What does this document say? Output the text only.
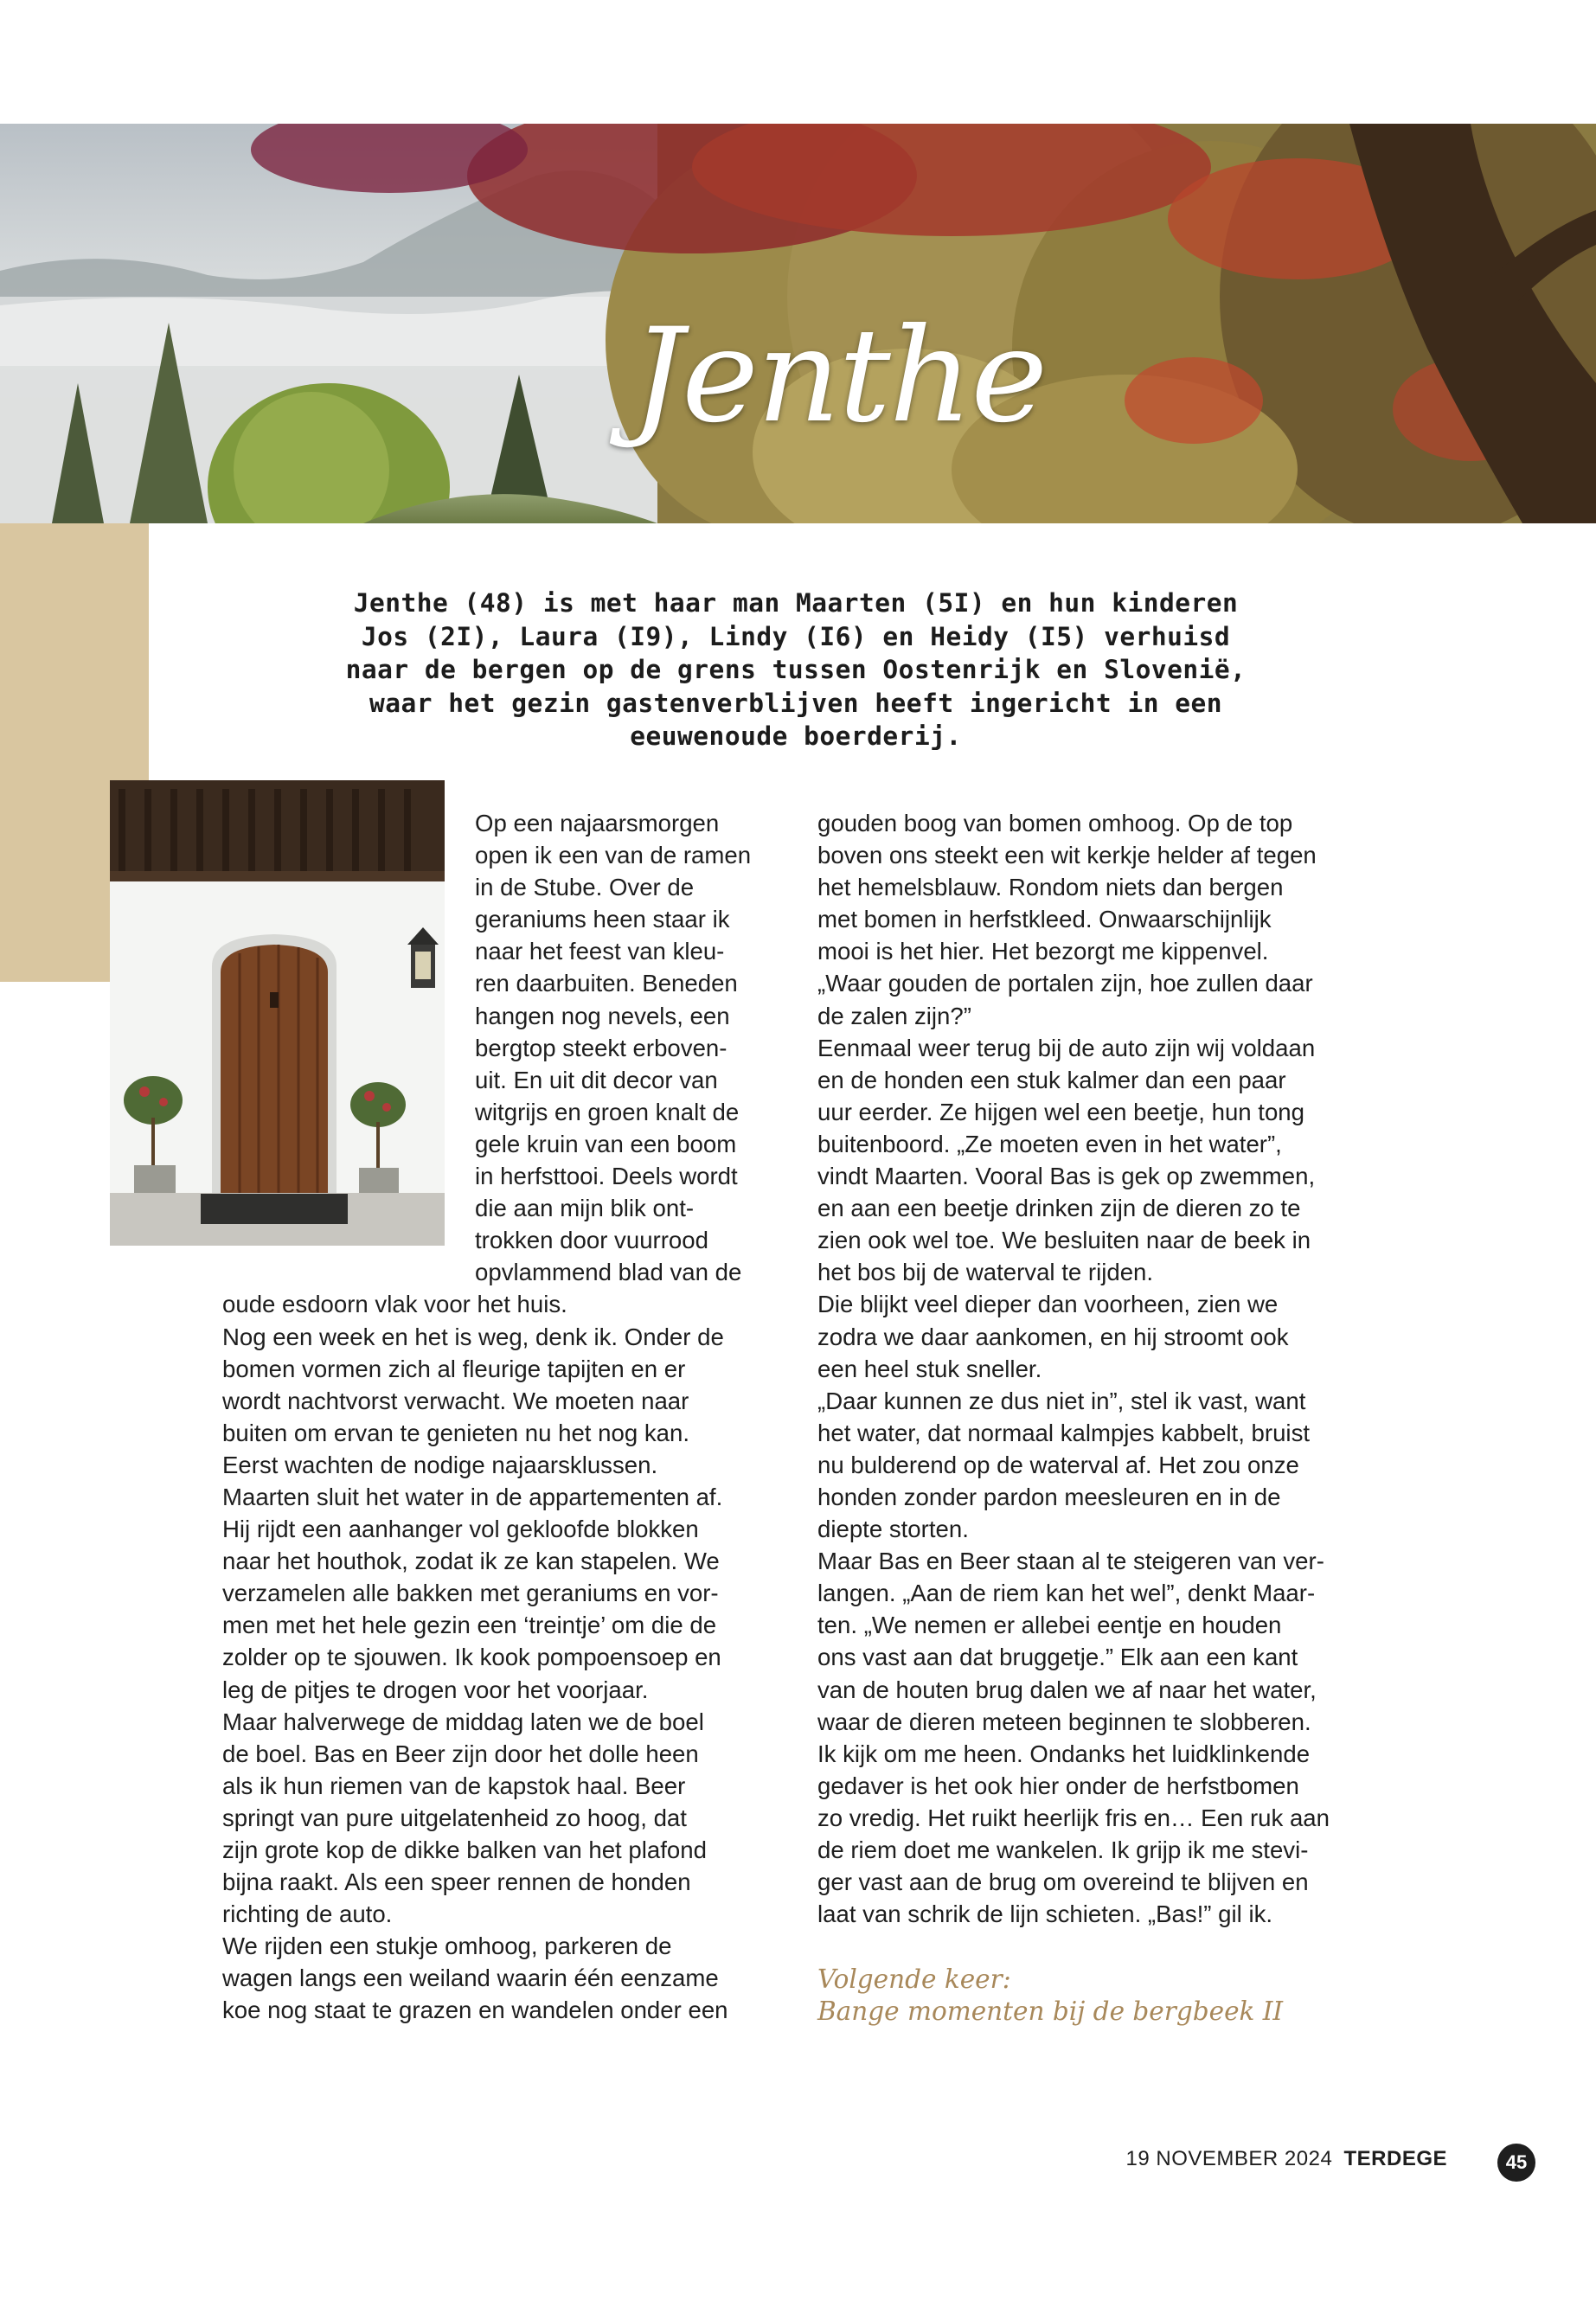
Jenthe
Jenthe (48) is met haar man Maarten (5I) en hun kinderen
Jos (2I), Laura (I9), Lindy (I6) en Heidy (I5) verhuisd
naar de bergen op de grens tussen Oostenrijk en Slovenië,
waar het gezin gastenverblijven heeft ingericht in een
eeuwenoude boerderij.
Op een najaarsmorgen
open ik een van de ramen
in de Stube. Over de
geraniums heen staar ik
naar het feest van kleu-
ren daarbuiten. Beneden
hangen nog nevels, een
bergtop steekt erboven-
uit. En uit dit decor van
witgrijs en groen knalt de
gele kruin van een boom
in herfsttooi. Deels wordt
die aan mijn blik ont-
trokken door vuurrood
opvlammend blad van de
oude esdoorn vlak voor het huis.
Nog een week en het is weg, denk ik. Onder de
bomen vormen zich al fleurige tapijten en er
wordt nachtvorst verwacht. We moeten naar
buiten om ervan te genieten nu het nog kan.
Eerst wachten de nodige najaarsklussen.
Maarten sluit het water in de appartementen af.
Hij rijdt een aanhanger vol gekloofde blokken
naar het houthok, zodat ik ze kan stapelen. We
verzamelen alle bakken met geraniums en vor-
men met het hele gezin een ‘treintje’ om die de
zolder op te sjouwen. Ik kook pompoensoep en
leg de pitjes te drogen voor het voorjaar.
Maar halverwege de middag laten we de boel
de boel. Bas en Beer zijn door het dolle heen
als ik hun riemen van de kapstok haal. Beer
springt van pure uitgelatenheid zo hoog, dat
zijn grote kop de dikke balken van het plafond
bijna raakt. Als een speer rennen de honden
richting de auto.
We rijden een stukje omhoog, parkeren de
wagen langs een weiland waarin één eenzame
koe nog staat te grazen en wandelen onder een
gouden boog van bomen omhoog. Op de top
boven ons steekt een wit kerkje helder af tegen
het hemelsblauw. Rondom niets dan bergen
met bomen in herfstkleed. Onwaarschijnlijk
mooi is het hier. Het bezorgt me kippenvel.
„Waar gouden de portalen zijn, hoe zullen daar
de zalen zijn?”
Eenmaal weer terug bij de auto zijn wij voldaan
en de honden een stuk kalmer dan een paar
uur eerder. Ze hijgen wel een beetje, hun tong
buitenboord. „Ze moeten even in het water”,
vindt Maarten. Vooral Bas is gek op zwemmen,
en aan een beetje drinken zijn de dieren zo te
zien ook wel toe. We besluiten naar de beek in
het bos bij de waterval te rijden.
Die blijkt veel dieper dan voorheen, zien we
zodra we daar aankomen, en hij stroomt ook
een heel stuk sneller.
„Daar kunnen ze dus niet in”, stel ik vast, want
het water, dat normaal kalmpjes kabbelt, bruist
nu bulderend op de waterval af. Het zou onze
honden zonder pardon meesleuren en in de
diepte storten.
Maar Bas en Beer staan al te steigeren van ver-
langen. „Aan de riem kan het wel”, denkt Maar-
ten. „We nemen er allebei eentje en houden
ons vast aan dat bruggetje.” Elk aan een kant
van de houten brug dalen we af naar het water,
waar de dieren meteen beginnen te slobberen.
Ik kijk om me heen. Ondanks het luidklinkende
gedaver is het ook hier onder de herfstbomen
zo vredig. Het ruikt heerlijk fris en… Een ruk aan
de riem doet me wankelen. Ik grijp ik me stevi-
ger vast aan de brug om overeind te blijven en
laat van schrik de lijn schieten. „Bas!” gil ik.
Volgende keer:
Bange momenten bij de bergbeek II
19 NOVEMBER 2024 TERDEGE	45
